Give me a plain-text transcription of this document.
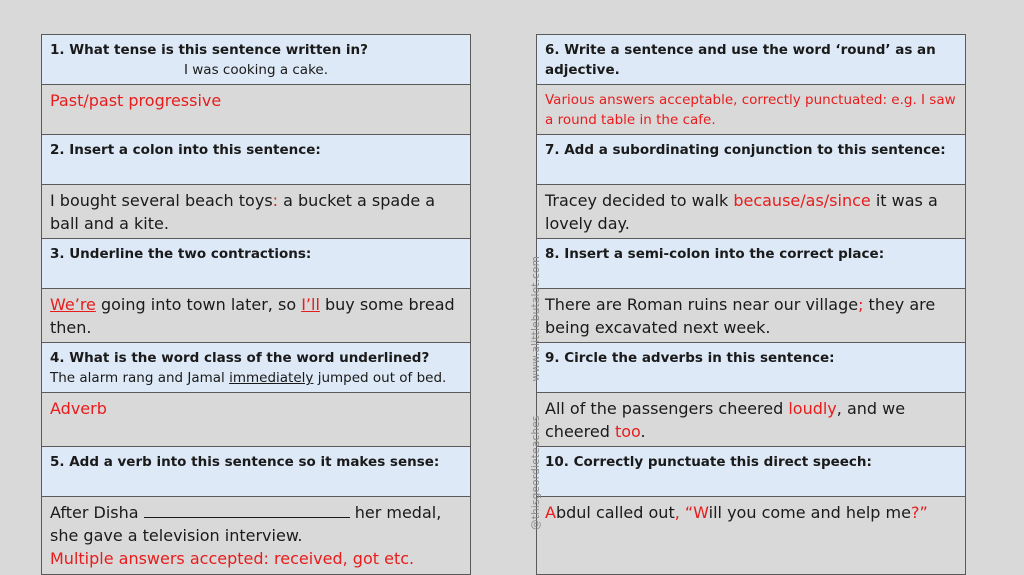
1. What tense is this sentence written in?
I was cooking a cake.
Past/past progressive
2. Insert a colon into this sentence:
I bought several beach toys: a bucket a spade a ball and a kite.
3. Underline the two contractions:
We’re going into town later, so I’ll buy some bread then.
4. What is the word class of the word underlined?
The alarm rang and Jamal immediately jumped out of bed.
Adverb
5. Add a verb into this sentence so it makes sense:
After Disha	her medal, she gave a television interview.
Multiple answers accepted: received, got etc.
6. Write a sentence and use the word ‘round’ as an adjective.
Various answers acceptable, correctly punctuated: e.g. I saw a round table in the cafe.
7. Add a subordinating conjunction to this sentence:
Tracey decided to walk because/as/since it was a lovely day.
8. Insert a semi-colon into the correct place:
There are Roman ruins near our village; they are being excavated next week.
9. Circle the adverbs in this sentence:
All of the passengers cheered loudly, and we cheered too.
10. Correctly punctuate this direct speech:
Abdul called out, “Will you come and help me?”
@thisgeordieteacheswww.alittlebutalot.com
